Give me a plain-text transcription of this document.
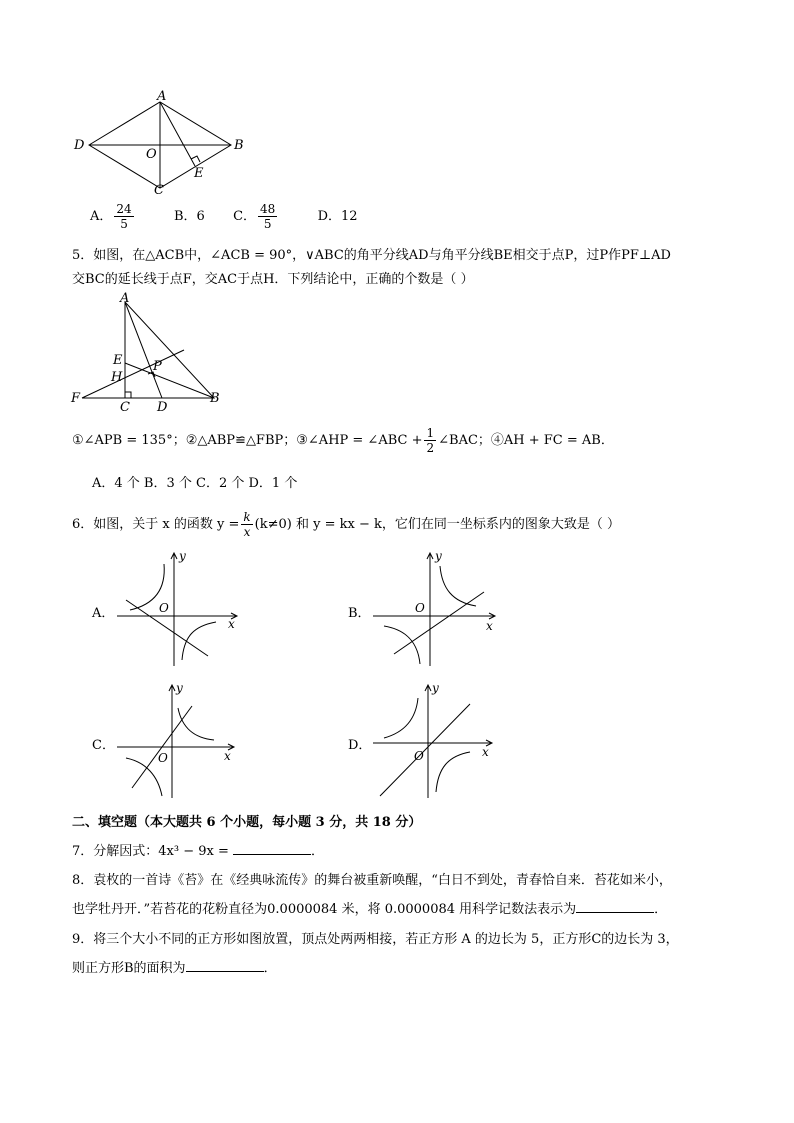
A
D	B
O
C
E
A． $\frac{24}{5}$	B．6 C． $\frac{48}{5}$	D．12
5．如图，在△ACB中，∠ACB = 90°，∨ABC的角平分线AD与角平分线BE相交于点P，过P作PF⊥AD
交BC的延长线于点F，交AC于点H．下列结论中，正确的个数是（ ）
A
E
H
P
F
C D
B
①∠APB = 135°；②△ABP≌△FBP；③∠AHP = ∠ABC + $\frac{1}{2}$ ∠BAC；④AH + FC = AB．
A．4 个 B．3 个 C．2 个 D．1 个
6．如图，关于 x 的函数 $y = \frac{k}{x} (k\ne 0)$ 和 y = kx − k，它们在同一坐标系内的图象大致是（ ）
A．
y
x
O	B．
y
x
O
C．
y
x
O
D．
y
x
O
二、填空题（本大题共 6 个小题，每小题 3 分，共 18 分）
7．分解因式：4x³ − 9x =	．
8．袁枚的一首诗《苔》在《经典咏流传》的舞台被重新唤醒，“白日不到处，青春恰自来．苔花如米小，
也学牡丹开．”若苔花的花粉直径为0.0000084 米，将 0.0000084 用科学记数法表示为	．
9．将三个大小不同的正方形如图放置，顶点处两两相接，若正方形 A 的边长为 5，正方形C的边长为 3，
则正方形B的面积为	．
